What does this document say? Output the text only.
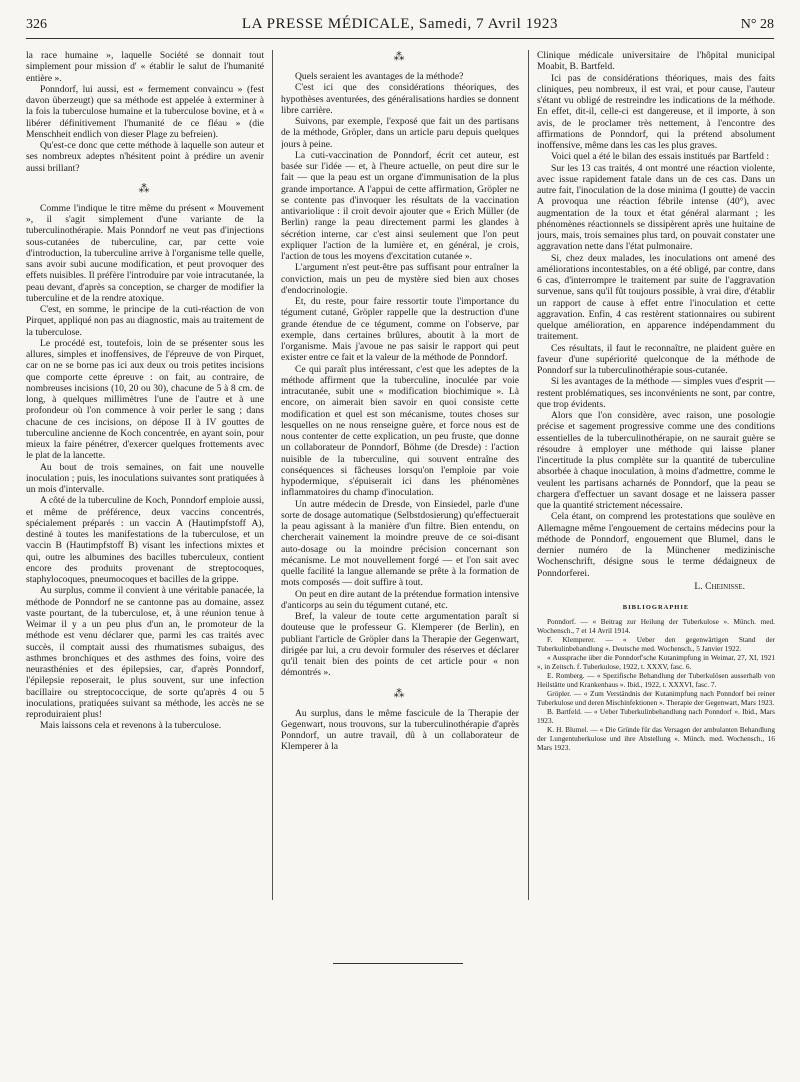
326	LA PRESSE MÉDICALE, Samedi, 7 Avril 1923	N° 28

la race humaine », laquelle Société se donnait tout simplement pour mission d' « établir le salut de l'humanité entière ».

Ponndorf, lui aussi, est « fermement convaincu » (fest davon überzeugt) que sa méthode est appelée à exterminer à la fois la tuberculose humaine et la tuberculose bovine, et à « libérer définitivement l'humanité de ce fléau » (die Menschheit endlich von dieser Plage zu befreien).

Qu'est-ce donc que cette méthode à laquelle son auteur et ses nombreux adeptes n'hésitent point à prédire un avenir aussi brillant?

⁂

Comme l'indique le titre même du présent « Mouvement », il s'agit simplement d'une variante de la tuberculinothérapie. Mais Ponndorf ne veut pas d'injections sous-cutanées de tuberculine, car, par cette voie d'introduction, la tuberculine arrive à l'organisme telle quelle, sans avoir subi aucune modification, et peut provoquer des effets nuisibles. Il préfère l'introduire par voie intracutanée, la peau devant, d'après sa conception, se charger de modifier la tuberculine et de la rendre atoxique.

C'est, en somme, le principe de la cuti-réaction de von Pirquet, appliqué non pas au diagnostic, mais au traitement de la tuberculose.

Le procédé est, toutefois, loin de se présenter sous les allures, simples et inoffensives, de l'épreuve de von Pirquet, car on ne se borne pas ici aux deux ou trois petites incisions que comporte cette épreuve : on fait, au contraire, de nombreuses incisions (10, 20 ou 30), chacune de 5 à 8 cm. de long, à quelques millimètres l'une de l'autre et à une profondeur où l'on commence à voir perler le sang ; dans chacune de ces incisions, on dépose II à IV gouttes de tuberculine ancienne de Koch concentrée, en ayant soin, pour mieux la faire pénétrer, d'exercer quelques frottements avec le plat de la lancette.

Au bout de trois semaines, on fait une nouvelle inoculation ; puis, les inoculations suivantes sont pratiquées à un mois d'intervalle.

A côté de la tuberculine de Koch, Ponndorf emploie aussi, et même de préférence, deux vaccins concentrés, spécialement préparés : un vaccin A (Hautimpfstoff A), destiné à toutes les manifestations de la tuberculose, et un vaccin B (Hautimpfstoff B) visant les infections mixtes et qui, outre les albumines des bacilles tuberculeux, contient encore des produits provenant de streptocoques, staphylocoques, pneumocoques et bacilles de la grippe.

Au surplus, comme il convient à une véritable panacée, la méthode de Ponndorf ne se cantonne pas au domaine, assez vaste pourtant, de la tuberculose, et, à une réunion tenue à Weimar il y a un peu plus d'un an, le promoteur de la méthode est venu déclarer que, parmi les cas traités avec succès, il comptait aussi des rhumatismes subaigus, des asthmes bronchiques et des asthmes des foins, voire des neurasthénies et des épilepsies, car, d'après Ponndorf, l'épilepsie reposerait, le plus souvent, sur une infection bacillaire ou streptococcique, de sorte qu'après 4 ou 5 inoculations, pratiquées suivant sa méthode, les accès ne se reproduiraient plus!

Mais laissons cela et revenons à la tuberculose.

⁂

Quels seraient les avantages de la méthode?

C'est ici que des considérations théoriques, des hypothèses aventurées, des généralisations hardies se donnent libre carrière.

Suivons, par exemple, l'exposé que fait un des partisans de la méthode, Gröpler, dans un article paru depuis quelques jours à peine.

La cuti-vaccination de Ponndorf, écrit cet auteur, est basée sur l'idée — et, à l'heure actuelle, on peut dire sur le fait — que la peau est un organe d'immunisation de la plus grande importance. A l'appui de cette affirmation, Gröpler ne se contente pas d'invoquer les résultats de la vaccination antivariolique : il croit devoir ajouter que « Erich Müller (de Berlin) range la peau directement parmi les glandes à sécrétion interne, car c'est ainsi seulement que l'on peut expliquer l'action de la lumière et, en général, je crois, l'action de tous les moyens d'excitation cutanée ».

L'argument n'est peut-être pas suffisant pour entraîner la conviction, mais un peu de mystère sied bien aux choses d'endocrinologie.

Et, du reste, pour faire ressortir toute l'importance du tégument cutané, Gröpler rappelle que la destruction d'une grande étendue de ce tégument, comme on l'observe, par exemple, dans certaines brûlures, aboutit à la mort de l'organisme. Mais j'avoue ne pas saisir le rapport qui peut exister entre ce fait et la valeur de la méthode de Ponndorf.

Ce qui paraît plus intéressant, c'est que les adeptes de la méthode affirment que la tuberculine, inoculée par voie intracutanée, subit une « modification biochimique ». Là encore, on aimerait bien savoir en quoi consiste cette modification et quel est son mécanisme, toutes choses sur lesquelles on ne nous renseigne guère, et force nous est de nous contenter de cette explication, un peu fruste, que donne un collaborateur de Ponndorf, Böhme (de Dresde) : l'action nuisible de la tuberculine, qui souvent entraîne des conséquences si fâcheuses lorsqu'on l'emploie par voie hypodermique, s'épuiserait ici dans les phénomènes inflammatoires du champ d'inoculation.

Un autre médecin de Dresde, von Einsiedel, parle d'une sorte de dosage automatique (Selbstdosierung) qu'effectuerait la peau agissant à la manière d'un filtre. Bien entendu, on chercherait vainement la moindre preuve de ce soi-disant auto-dosage ou la moindre précision concernant son mécanisme. Le mot nouvellement forgé — et l'on sait avec quelle facilité la langue allemande se prête à la formation de mots composés — doit suffire à tout.

On peut en dire autant de la prétendue formation intensive d'anticorps au sein du tégument cutané, etc.

Bref, la valeur de toute cette argumentation paraît si douteuse que le professeur G. Klemperer (de Berlin), en publiant l'article de Gröpler dans la Therapie der Gegenwart, dirigée par lui, a cru devoir formuler des réserves et déclarer qu'il tenait bien des points de cet article pour « non démontrés ».

⁂

Au surplus, dans le même fascicule de la Therapie der Gegenwart, nous trouvons, sur la tuberculinothérapie d'après Ponndorf, un autre travail, dû à un collaborateur de Klemperer à la

Clinique médicale universitaire de l'hôpital municipal Moabit, B. Bartfeld.

Ici pas de considérations théoriques, mais des faits cliniques, peu nombreux, il est vrai, et pour cause, l'auteur s'étant vu obligé de restreindre les indications de la méthode. En effet, dit-il, celle-ci est dangereuse, et il importe, à son avis, de le proclamer très nettement, à l'encontre des affirmations de Ponndorf, qui la prétend absolument inoffensive, même dans les cas les plus graves.

Voici quel a été le bilan des essais institués par Bartfeld :

Sur les 13 cas traités, 4 ont montré une réaction violente, avec issue rapidement fatale dans un de ces cas. Dans un autre fait, l'inoculation de la dose minima (I goutte) de vaccin A provoqua une réaction fébrile intense (40°), avec augmentation de la toux et état général alarmant ; les phénomènes réactionnels se dissipèrent après une huitaine de jours, mais, trois semaines plus tard, on pouvait constater une aggravation nette dans l'état pulmonaire.

Si, chez deux malades, les inoculations ont amené des améliorations incontestables, on a été obligé, par contre, dans 6 cas, d'interrompre le traitement par suite de l'aggravation survenue, sans qu'il fût toujours possible, à vrai dire, d'établir un rapport de cause à effet entre l'inoculation et cette aggravation. Enfin, 4 cas restèrent stationnaires ou subirent quelque amélioration, en apparence indépendamment du traitement.

Ces résultats, il faut le reconnaître, ne plaident guère en faveur d'une supériorité quelconque de la méthode de Ponndorf sur la tuberculinothérapie sous-cutanée.

Si les avantages de la méthode — simples vues d'esprit — restent problématiques, ses inconvénients ne sont, par contre, que trop évidents.

Alors que l'on considère, avec raison, une posologie précise et sagement progressive comme une des conditions essentielles de la tuberculinothérapie, on ne saurait guère se résoudre à employer une méthode qui laisse planer l'incertitude la plus complète sur la quantité de tuberculine absorbée à chaque inoculation, à moins d'admettre, comme le veulent les partisans acharnés de Ponndorf, que la peau se chargera d'effectuer un savant dosage et ne laissera passer que la quantité strictement nécessaire.

Cela étant, on comprend les protestations que soulève en Allemagne même l'engouement de certains médecins pour la méthode de Ponndorf, engouement que Blumel, dans le dernier numéro de la Münchener medizinische Wochenschrift, désigne sous le terme dédaigneux de Ponndorferei.

L. Cheinisse.
BIBLIOGRAPHIE

Ponndorf. — « Beitrag zur Heilung der Tuberkulose ». Münch. med. Wochensch., 7 et 14 Avril 1914.

F. Klemperer. — « Ueber den gegenwärtigen Stand der Tuberkulinbehandlung ». Deutsche med. Wochensch., 5 Janvier 1922.

« Aussprache über die Ponndorf'sche Kutanimpfung in Weimar, 27, XI, 1921 », in Zeitsch. f. Tuberkulose, 1922, t. XXXV, fasc. 6.

E. Romberg. — « Spezifische Behandlung der Tuberkulösen ausserhalb von Heilstätte und Krankenhaus ». Ibid., 1922, t. XXXVI, fasc. 7.

Gröpler. — « Zum Verständnis der Kutanimpfung nach Ponndorf bei reiner Tuberkulose und deren Mischinfektionen ». Therapie der Gegenwart, Mars 1923.

B. Bartfeld. — « Ueber Tuberkulinbehandlung nach Ponndorf ». Ibid., Mars 1923.

K. H. Blumel. — « Die Gründe für das Versagen der ambulanten Behandlung der Lungentuberkulose und ihre Abstellung ». Münch. med. Wochensch., 16 Mars 1923.
